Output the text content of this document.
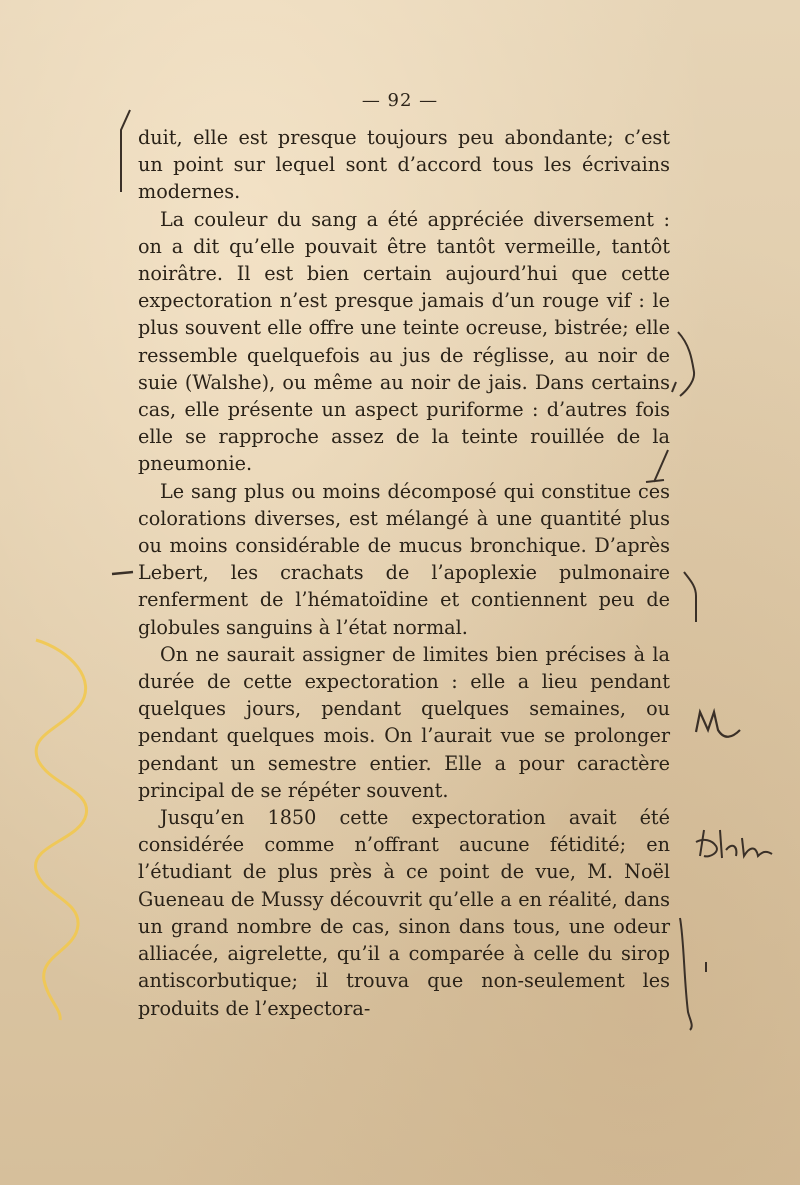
— 92 —

duit, elle est presque toujours peu abondante; c’est un point sur lequel sont d’accord tous les écrivains modernes.

La couleur du sang a été appréciée diversement : on a dit qu’elle pouvait être tantôt vermeille, tantôt noirâtre. Il est bien certain aujourd’hui que cette expectoration n’est presque jamais d’un rouge vif : le plus souvent elle offre une teinte ocreuse, bistrée; elle ressemble quelquefois au jus de réglisse, au noir de suie (Walshe), ou même au noir de jais. Dans certains cas, elle présente un aspect puriforme : d’autres fois elle se rapproche assez de la teinte rouillée de la pneumonie.

Le sang plus ou moins décomposé qui constitue ces colorations diverses, est mélangé à une quantité plus ou moins considérable de mucus bronchique. D’après Lebert, les crachats de l’apoplexie pulmonaire renferment de l’hématoïdine et contiennent peu de globules sanguins à l’état normal.

On ne saurait assigner de limites bien précises à la durée de cette expectoration : elle a lieu pendant quelques jours, pendant quelques semaines, ou pendant quelques mois. On l’aurait vue se prolonger pendant un semestre entier. Elle a pour caractère principal de se répéter souvent.

Jusqu’en 1850 cette expectoration avait été considérée comme n’offrant aucune fétidité; en l’étudiant de plus près à ce point de vue, M. Noël Gueneau de Mussy découvrit qu’elle a en réalité, dans un grand nombre de cas, sinon dans tous, une odeur alliacée, aigrelette, qu’il a comparée à celle du sirop antiscorbutique; il trouva que non-seulement les produits de l’expectora-
